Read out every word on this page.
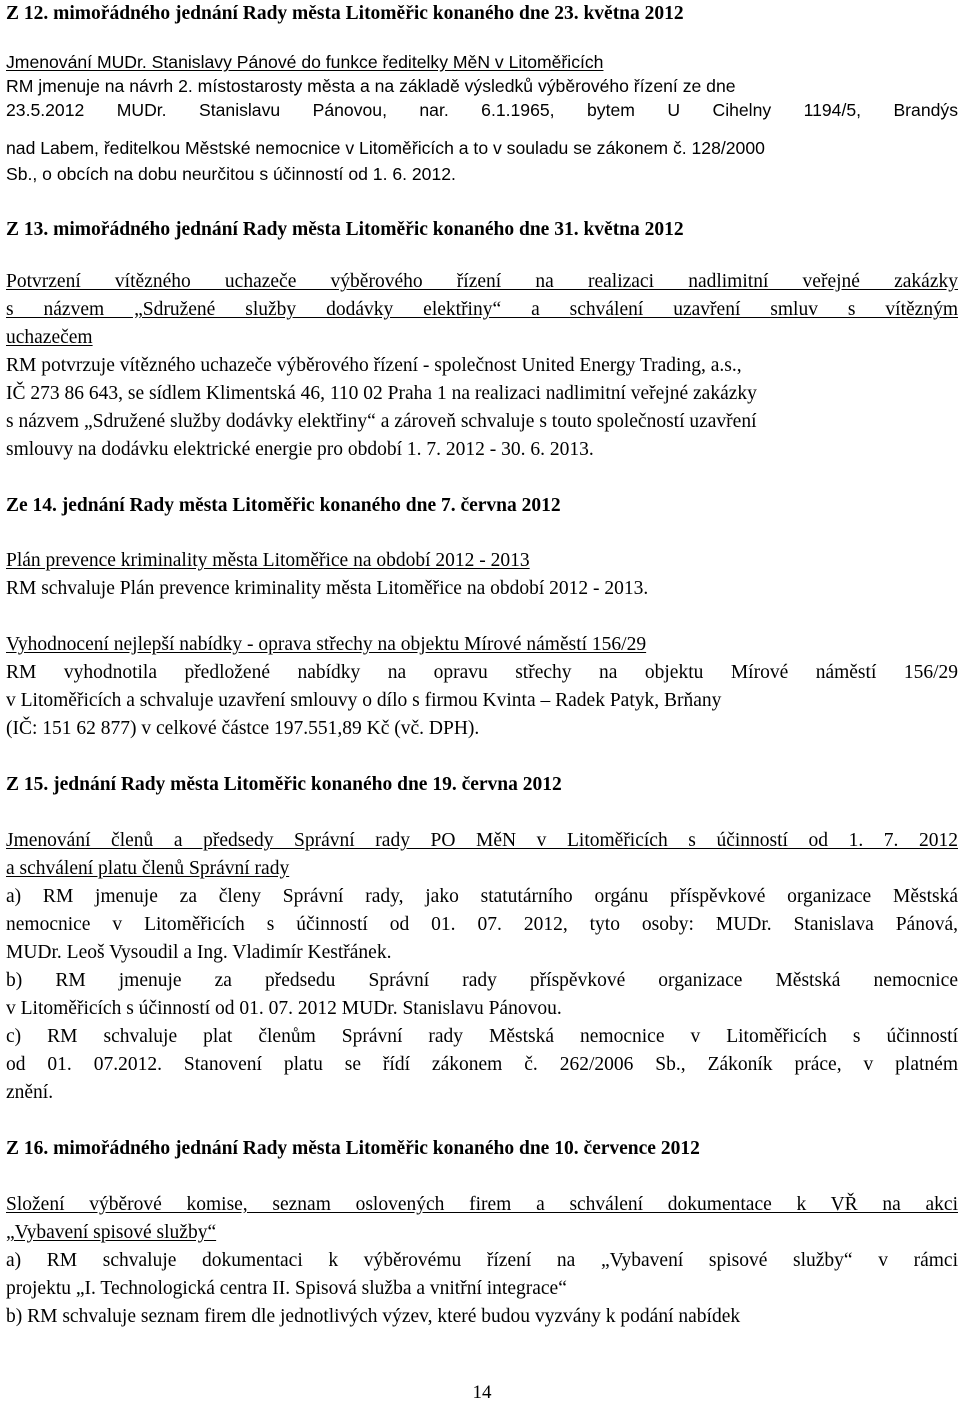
Z 12. mimořádného jednání Rady města Litoměřic konaného dne 23. května 2012
Jmenování MUDr. Stanislavy Pánové do funkce ředitelky MěN v Litoměřicích
RM jmenuje na návrh 2. místostarosty města a na základě výsledků výběrového řízení ze dne
23.5.2012 MUDr. Stanislavu Pánovou, nar. 6.1.1965, bytem U Cihelny 1194/5, Brandýs
nad Labem, ředitelkou Městské nemocnice v Litoměřicích a to v souladu se zákonem č. 128/2000
Sb., o obcích na dobu neurčitou s účinností od 1. 6. 2012.
Z 13. mimořádného jednání Rady města Litoměřic konaného dne 31. května 2012
Potvrzení vítězného uchazeče výběrového řízení na realizaci nadlimitní veřejné zakázky
s názvem „Sdružené služby dodávky elektřiny“ a schválení uzavření smluv s vítězným
uchazečem
RM potvrzuje vítězného uchazeče výběrového řízení - společnost United Energy Trading, a.s.,
IČ 273 86 643, se sídlem Klimentská 46, 110 02 Praha 1 na realizaci nadlimitní veřejné zakázky
s názvem „Sdružené služby dodávky elektřiny“ a zároveň schvaluje s touto společností uzavření
smlouvy na dodávku elektrické energie pro období 1. 7. 2012 - 30. 6. 2013.
Ze 14. jednání Rady města Litoměřic konaného dne 7. června 2012
Plán prevence kriminality města Litoměřice na období 2012 - 2013
RM schvaluje Plán prevence kriminality města Litoměřice na období 2012 - 2013.
Vyhodnocení nejlepší nabídky - oprava střechy na objektu Mírové náměstí 156/29
RM vyhodnotila předložené nabídky na opravu střechy na objektu Mírové náměstí 156/29
v Litoměřicích a schvaluje uzavření smlouvy o dílo s firmou Kvinta – Radek Patyk, Brňany
(IČ: 151 62 877) v celkové částce 197.551,89 Kč (vč. DPH).
Z 15. jednání Rady města Litoměřic konaného dne 19. června 2012
Jmenování členů a předsedy Správní rady PO MěN v Litoměřicích s účinností od 1. 7. 2012
a schválení platu členů Správní rady
a) RM jmenuje za členy Správní rady, jako statutárního orgánu příspěvkové organizace Městská
nemocnice v Litoměřicích s účinností od 01. 07. 2012, tyto osoby: MUDr. Stanislava Pánová,
MUDr. Leoš Vysoudil a Ing. Vladimír Kestřánek.
b) RM jmenuje za předsedu Správní rady příspěvkové organizace Městská nemocnice
v Litoměřicích s účinností od 01. 07. 2012 MUDr. Stanislavu Pánovou.
c) RM schvaluje plat členům Správní rady Městská nemocnice v Litoměřicích s účinností
od 01. 07.2012. Stanovení platu se řídí zákonem č. 262/2006 Sb., Zákoník práce, v platném
znění.
Z 16. mimořádného jednání Rady města Litoměřic konaného dne 10. července 2012
Složení výběrové komise, seznam oslovených firem a schválení dokumentace k VŘ na akci
„Vybavení spisové služby“
a) RM schvaluje dokumentaci k výběrovému řízení na „Vybavení spisové služby“ v rámci
projektu „I. Technologická centra II. Spisová služba a vnitřní integrace“
b) RM schvaluje seznam firem dle jednotlivých výzev, které budou vyzvány k podání nabídek
14
